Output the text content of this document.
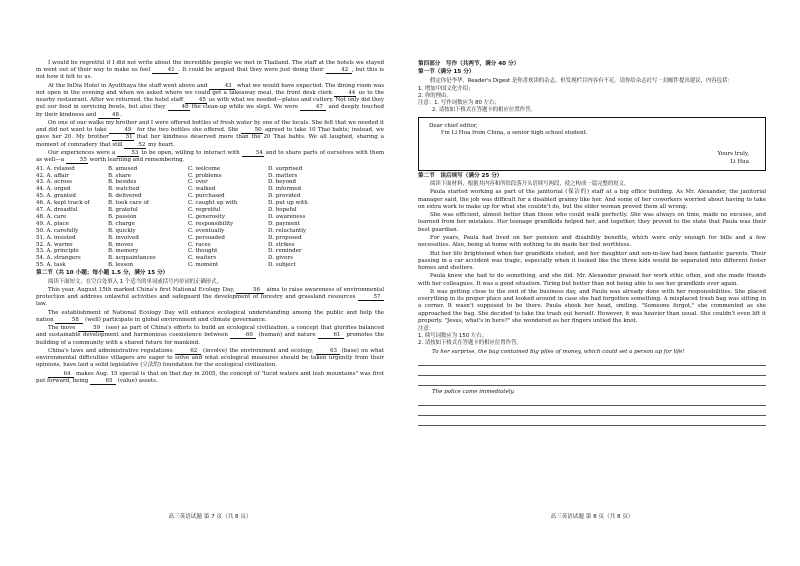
I would be regretful if I did not write about the incredible people we met in Thailand. The staff at the hotels we stayed in went out of their way to make us feel	41 . It could be argued that they were just doing their	42 , but this is not how it felt to us.

At the InDia Hotel in Ayutthaya the staff went above and	43 what we would have expected. The dining room was not open in the evening and when we asked where we could get a takeaway meal, the front desk clerk	44 us to the nearby restaurant. After we returned, the hotel staff	45 us with what we needed—plates and cutlery. Not only did they put our food in servicing bowls, but also they	46 the clean-up while we slept. We were	47 and deeply touched by their kindness and	48.

On one of our walks my brother and I were offered bottles of fresh water by one of the locals. She felt that we needed it and did not want to take	49 for the two bottles she offered. She	50 agreed to take 10 Thai bahts; instead, we gave her 20. My brother	51 that her kindness deserved more than the 20 Thai bahts. We all laughed, sharing a moment of comradery that still	52 my heart.

Our experiences were a	53 to be open, willing to interact with	54 and to share parts of ourselves with them as well—a	55 worth learning and remembering.

41. A. relaxed	B. amused	C. welcome	D. surprised
42. A. affair	B. share	C. problems	D. matters
43. A. across	B. besides	C. over	D. beyond
44. A. urged	B. watched	C. walked	D. informed
45. A. granted	B. delivered	C. purchased	D. provided
46. A. kept track of	B. took care of	C. caught up with	D. put up with
47. A. dreadful	B. grateful	C. regretful	D. hopeful
48. A. care	B. passion	C. generosity	D. awareness
49. A. place	B. charge	C. responsibility	D. payment
50. A. carefully	B. quickly	C. eventually	D. reluctantly
51. A. insisted	B. involved	C. persuaded	D. proposed
52. A. warms	B. moves	C. races	D. strikes
53. A. principle	B. memory	C. thought	D. reminder
54. A. strangers	B. acquaintances	C. waiters	D. givers
55. A. task	B. lesson	C. moment	D. subject
第二节（共 10 小题；每小题 1.5 分，满分 15 分）
阅读下面短文，在空白处填入 1 个适当的单词或括号内单词的正确形式。

This year, August 15th marked China's first National Ecology Day,	56 aims to raise awareness of environmental protection and address unlawful activities and safeguard the development of forestry and grassland resources	57 law.

The establishment of National Ecology Day will enhance ecological understanding among the public and help the nation	58 (well) participate in global environment and climate governance.

The move	59 (see) as part of China's efforts to build an ecological civilization, a concept that glorifies balanced and sustainable development and harmonious coexistence between	60 (human) and nature	61 promotes the building of a community with a shared future for mankind.

China's laws and administrative regulations	62 (involve) the environment and ecology,	63 (base) on what environmental difficulties villagers are eager to solve and what ecological measures should be taken urgently from their opinions, have laid a solid legislative (立法的) foundation for the ecological civilization.

64 makes Aug. 15 special is that on that day in 2005, the concept of "lucid waters and lush mountains" was first put forward, being	65 (value) assets.

高三英语试题 第 7 页（共 8 页）
第四部分　写作（共两节，满分 40 分）
第一节（满分 15 分）
假定你是李华，Reader's Digest 是你喜欢读的杂志，但发现栏目内容有不足。请你给杂志社写一封邮件提出建议，内容包括：
1. 增加中国文化介绍；
2. 你的理由。
注意：1. 写作词数应为 80 左右；
2. 请按如下格式在答题卡的相应位置作答。
Dear chief editor,
I'm Li Hua from China, a senior high school student.
Yours truly,
Li Hua
第二节　读后续写（满分 25 分）
阅读下面材料，根据其内容和所给段落开头语续写两段，使之构成一篇完整的短文。

Paula started working as part of the janitorial (保洁的) staff at a big office building. As Mr. Alexander, the janitorial manager said, the job was difficult for a disabled granny like her. And some of her coworkers worried about having to take on extra work to make up for what she couldn't do, but the older woman proved them all wrong.

She was efficient, almost better than those who could walk perfectly. She was always on time, made no excuses, and learned from her mistakes. Her teenage grandkids helped her, and together, they proved to the state that Paula was their best guardian.

For years, Paula had lived on her pension and disability benefits, which were only enough for bills and a few necessities. Also, being at home with nothing to do made her feel worthless.

But her life brightened when her grandkids visited, and her daughter and son-in-law had been fantastic parents. Their passing in a car accident was tragic, especially when it looked like the three kids would be separated into different foster homes and shelters.

Paula knew she had to do something, and she did. Mr. Alexander praised her work ethic often, and she made friends with her colleagues. It was a good situation. Tiring but better than not being able to see her grandkids ever again.

It was getting close to the end of the business day, and Paula was already done with her responsibilities. She placed everything in its proper place and looked around in case she had forgotten something. A misplaced trash bag was sitting in a corner. It wasn't supposed to be there. Paula shook her head, smiling. "Someone forgot," she commented as she approached the bag. She decided to take the trash out herself. However, it was heavier than usual. She couldn't even lift it properly. "Jesus, what's in here?" she wondered as her fingers untied the knot.

注意：
1. 续写词数应为 150 左右；
2. 请按如下格式在答题卡的相应位置作答。
To her surprise, the bag contained big piles of money, which could set a person up for life!
The police came immediately.
高三英语试题 第 8 页（共 8 页）
